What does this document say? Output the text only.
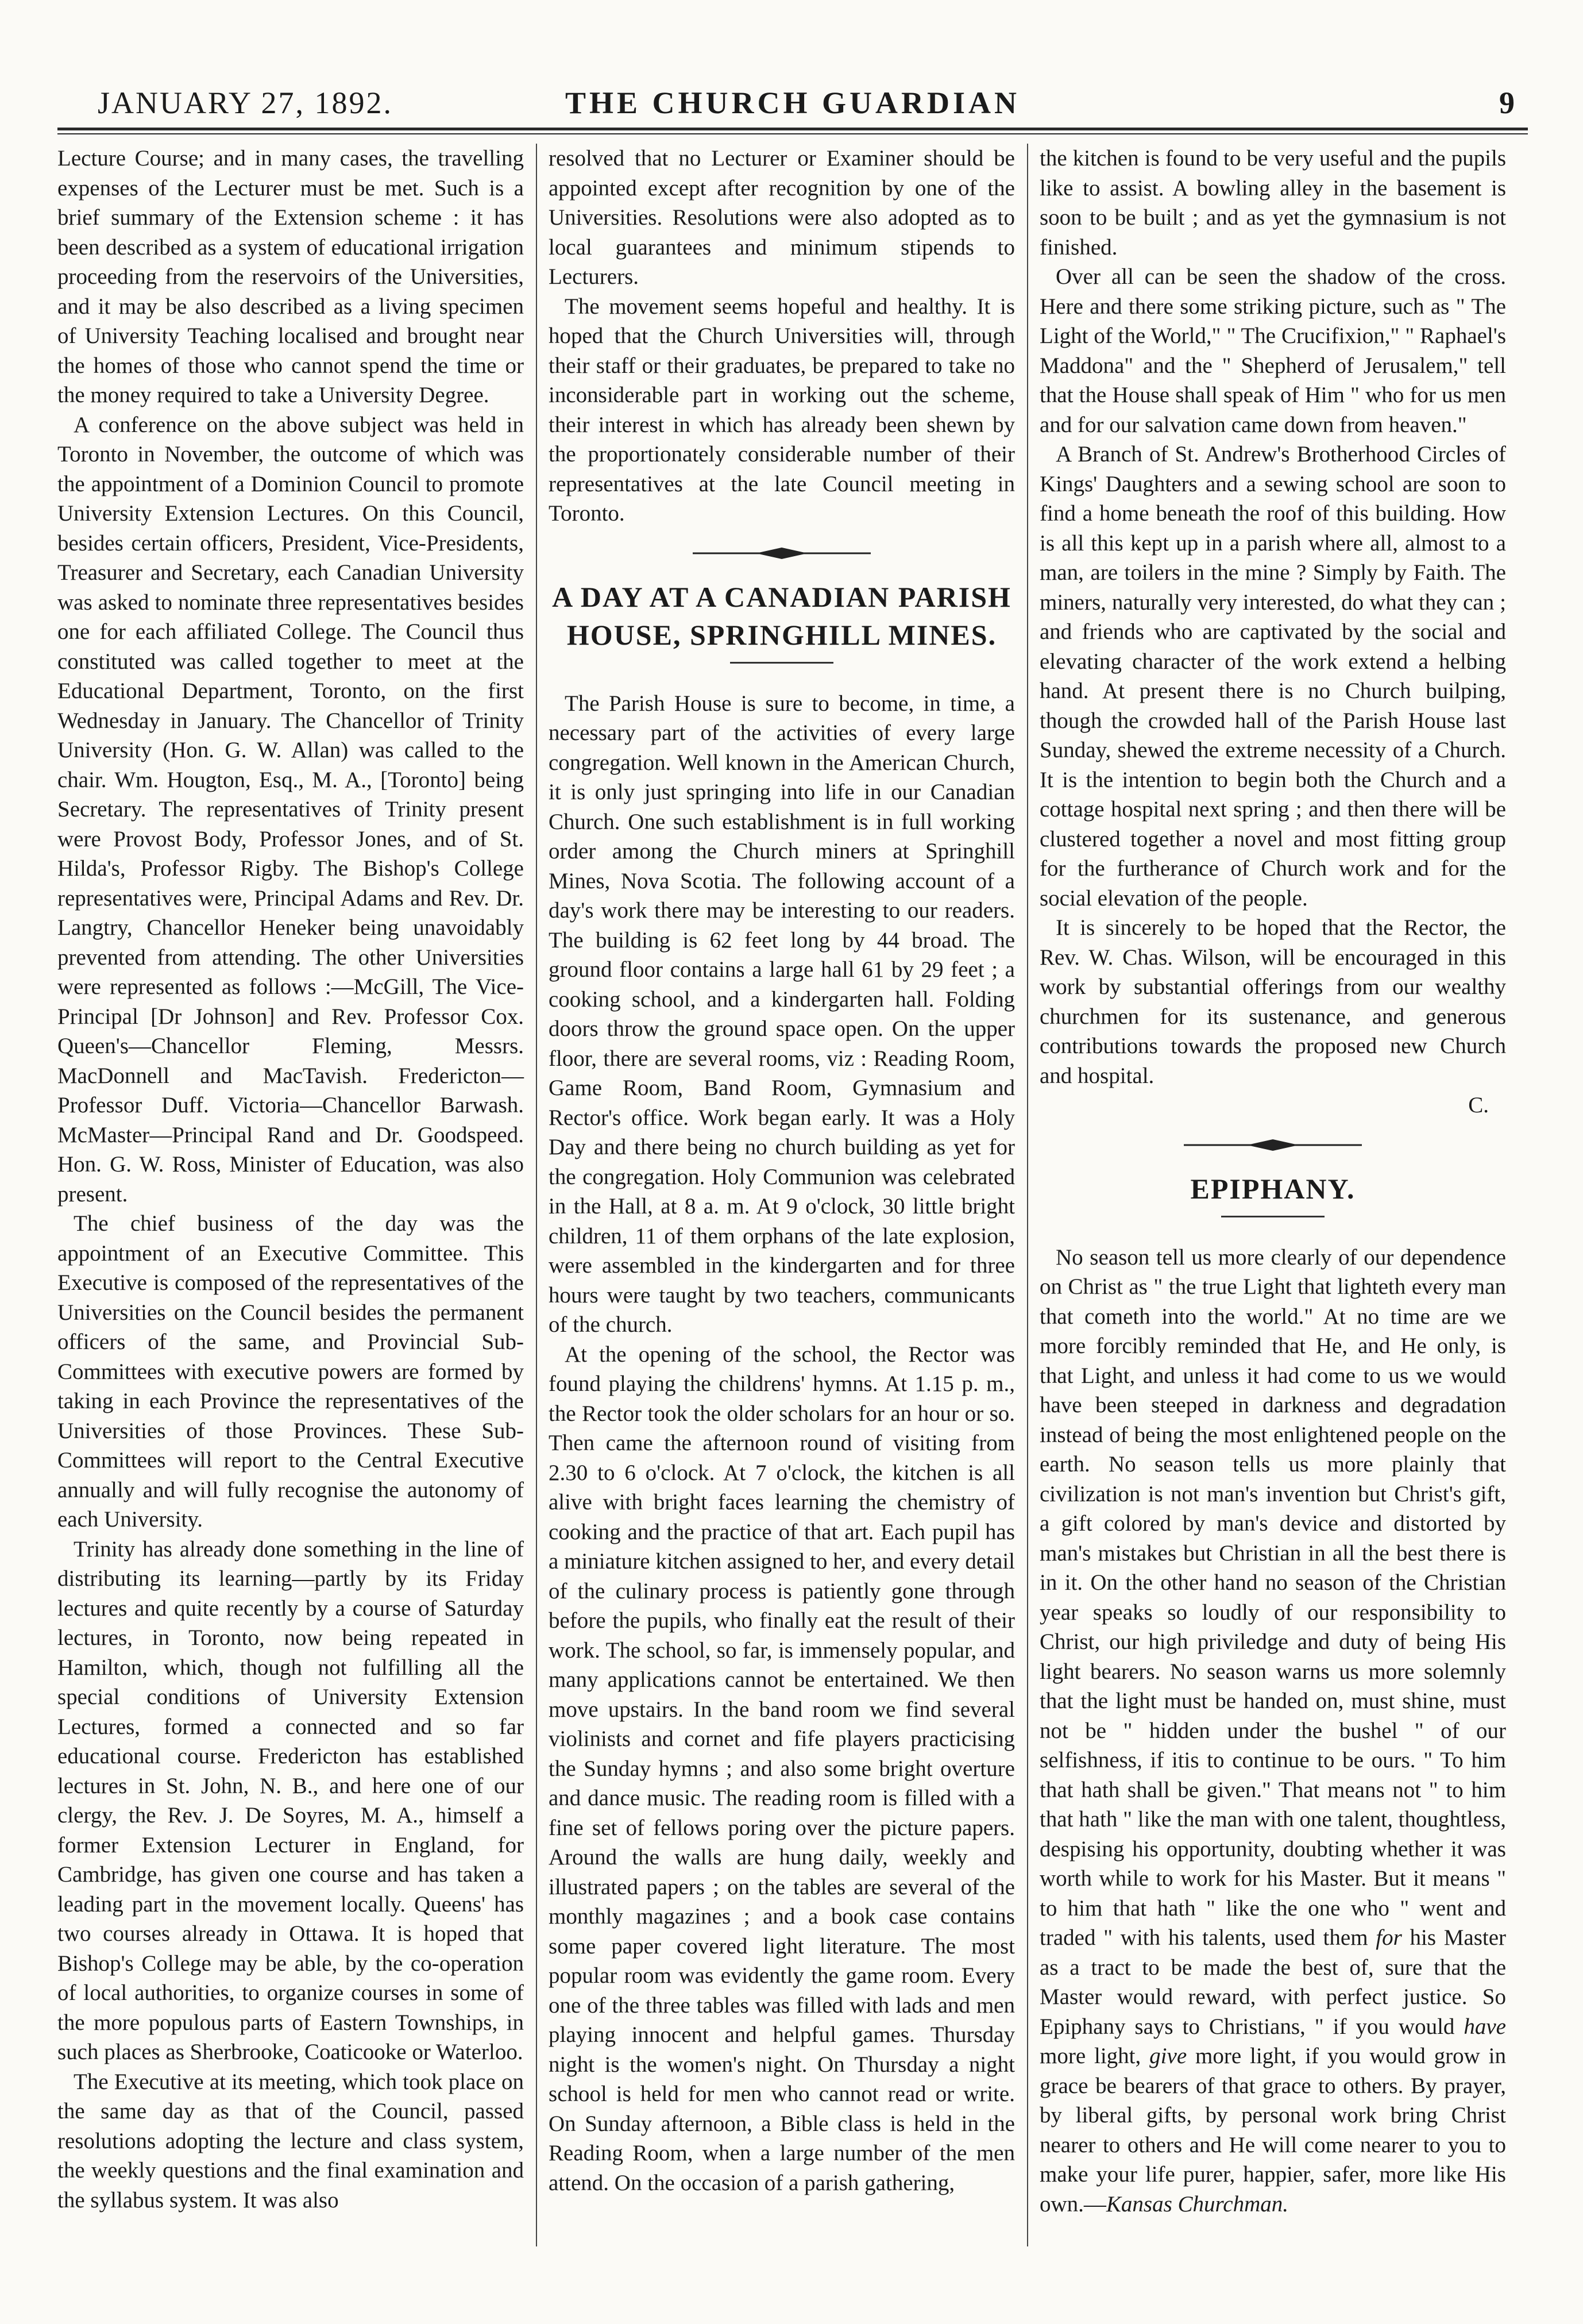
JANUARY 27, 1892.	THE CHURCH GUARDIAN	9

Lecture Course; and in many cases, the travelling expenses of the Lecturer must be met. Such is a brief summary of the Extension scheme : it has been described as a system of educational irrigation proceeding from the reservoirs of the Universities, and it may be also described as a living specimen of University Teaching localised and brought near the homes of those who cannot spend the time or the money required to take a University Degree.

A conference on the above subject was held in Toronto in November, the outcome of which was the appointment of a Dominion Council to promote University Extension Lectures. On this Council, besides certain officers, President, Vice-Presidents, Treasurer and Secretary, each Canadian University was asked to nominate three representatives besides one for each affiliated College. The Council thus constituted was called together to meet at the Educational Department, Toronto, on the first Wednesday in January. The Chancellor of Trinity University (Hon. G. W. Allan) was called to the chair. Wm. Hougton, Esq., M. A., [Toronto] being Secretary. The representatives of Trinity present were Provost Body, Professor Jones, and of St. Hilda's, Professor Rigby. The Bishop's College representatives were, Principal Adams and Rev. Dr. Langtry, Chancellor Heneker being unavoidably prevented from attending. The other Universities were represented as follows :—McGill, The Vice-Principal [Dr Johnson] and Rev. Professor Cox. Queen's—Chancellor Fleming, Messrs. MacDonnell and MacTavish. Fredericton—Professor Duff. Victoria—Chancellor Barwash. McMaster—Principal Rand and Dr. Goodspeed. Hon. G. W. Ross, Minister of Education, was also present.

The chief business of the day was the appointment of an Executive Committee. This Executive is composed of the representatives of the Universities on the Council besides the permanent officers of the same, and Provincial Sub-Committees with executive powers are formed by taking in each Province the representatives of the Universities of those Provinces. These Sub-Committees will report to the Central Executive annually and will fully recognise the autonomy of each University.

Trinity has already done something in the line of distributing its learning—partly by its Friday lectures and quite recently by a course of Saturday lectures, in Toronto, now being repeated in Hamilton, which, though not fulfilling all the special conditions of University Extension Lectures, formed a connected and so far educational course. Fredericton has established lectures in St. John, N. B., and here one of our clergy, the Rev. J. De Soyres, M. A., himself a former Extension Lecturer in England, for Cambridge, has given one course and has taken a leading part in the movement locally. Queens' has two courses already in Ottawa. It is hoped that Bishop's College may be able, by the co-operation of local authorities, to organize courses in some of the more populous parts of Eastern Townships, in such places as Sherbrooke, Coaticooke or Waterloo.

The Executive at its meeting, which took place on the same day as that of the Council, passed resolutions adopting the lecture and class system, the weekly questions and the final examination and the syllabus system. It was also

resolved that no Lecturer or Examiner should be appointed except after recognition by one of the Universities. Resolutions were also adopted as to local guarantees and minimum stipends to Lecturers.

The movement seems hopeful and healthy. It is hoped that the Church Universities will, through their staff or their graduates, be prepared to take no inconsiderable part in working out the scheme, their interest in which has already been shewn by the proportionately considerable number of their representatives at the late Council meeting in Toronto.

A DAY AT A CANADIAN PARISH HOUSE, SPRINGHILL MINES.

The Parish House is sure to become, in time, a necessary part of the activities of every large congregation. Well known in the American Church, it is only just springing into life in our Canadian Church. One such establishment is in full working order among the Church miners at Springhill Mines, Nova Scotia. The following account of a day's work there may be interesting to our readers. The building is 62 feet long by 44 broad. The ground floor contains a large hall 61 by 29 feet ; a cooking school, and a kindergarten hall. Folding doors throw the ground space open. On the upper floor, there are several rooms, viz : Reading Room, Game Room, Band Room, Gymnasium and Rector's office. Work began early. It was a Holy Day and there being no church building as yet for the congregation. Holy Communion was celebrated in the Hall, at 8 a. m. At 9 o'clock, 30 little bright children, 11 of them orphans of the late explosion, were assembled in the kindergarten and for three hours were taught by two teachers, communicants of the church.

At the opening of the school, the Rector was found playing the childrens' hymns. At 1.15 p. m., the Rector took the older scholars for an hour or so. Then came the afternoon round of visiting from 2.30 to 6 o'clock. At 7 o'clock, the kitchen is all alive with bright faces learning the chemistry of cooking and the practice of that art. Each pupil has a miniature kitchen assigned to her, and every detail of the culinary process is patiently gone through before the pupils, who finally eat the result of their work. The school, so far, is immensely popular, and many applications cannot be entertained. We then move upstairs. In the band room we find several violinists and cornet and fife players practicising the Sunday hymns ; and also some bright overture and dance music. The reading room is filled with a fine set of fellows poring over the picture papers. Around the walls are hung daily, weekly and illustrated papers ; on the tables are several of the monthly magazines ; and a book case contains some paper covered light literature. The most popular room was evidently the game room. Every one of the three tables was filled with lads and men playing innocent and helpful games. Thursday night is the women's night. On Thursday a night school is held for men who cannot read or write. On Sunday afternoon, a Bible class is held in the Reading Room, when a large number of the men attend. On the occasion of a parish gathering,

the kitchen is found to be very useful and the pupils like to assist. A bowling alley in the basement is soon to be built ; and as yet the gymnasium is not finished.

Over all can be seen the shadow of the cross. Here and there some striking picture, such as " The Light of the World," " The Crucifixion," " Raphael's Maddona" and the " Shepherd of Jerusalem," tell that the House shall speak of Him " who for us men and for our salvation came down from heaven."

A Branch of St. Andrew's Brotherhood Circles of Kings' Daughters and a sewing school are soon to find a home beneath the roof of this building. How is all this kept up in a parish where all, almost to a man, are toilers in the mine ? Simply by Faith. The miners, naturally very interested, do what they can ; and friends who are captivated by the social and elevating character of the work extend a helbing hand. At present there is no Church builping, though the crowded hall of the Parish House last Sunday, shewed the extreme necessity of a Church. It is the intention to begin both the Church and a cottage hospital next spring ; and then there will be clustered together a novel and most fitting group for the furtherance of Church work and for the social elevation of the people.

It is sincerely to be hoped that the Rector, the Rev. W. Chas. Wilson, will be encouraged in this work by substantial offerings from our wealthy churchmen for its sustenance, and generous contributions towards the proposed new Church and hospital.

C.
EPIPHANY.

No season tell us more clearly of our dependence on Christ as " the true Light that lighteth every man that cometh into the world." At no time are we more forcibly reminded that He, and He only, is that Light, and unless it had come to us we would have been steeped in darkness and degradation instead of being the most enlightened people on the earth. No season tells us more plainly that civilization is not man's invention but Christ's gift, a gift colored by man's device and distorted by man's mistakes but Christian in all the best there is in it. On the other hand no season of the Christian year speaks so loudly of our responsibility to Christ, our high priviledge and duty of being His light bearers. No season warns us more solemnly that the light must be handed on, must shine, must not be " hidden under the bushel " of our selfishness, if itis to continue to be ours. " To him that hath shall be given." That means not " to him that hath " like the man with one talent, thoughtless, despising his opportunity, doubting whether it was worth while to work for his Master. But it means " to him that hath " like the one who " went and traded " with his talents, used them for his Master as a tract to be made the best of, sure that the Master would reward, with perfect justice. So Epiphany says to Christians, " if you would have more light, give more light, if you would grow in grace be bearers of that grace to others. By prayer, by liberal gifts, by personal work bring Christ nearer to others and He will come nearer to you to make your life purer, happier, safer, more like His own.—Kansas Churchman.
